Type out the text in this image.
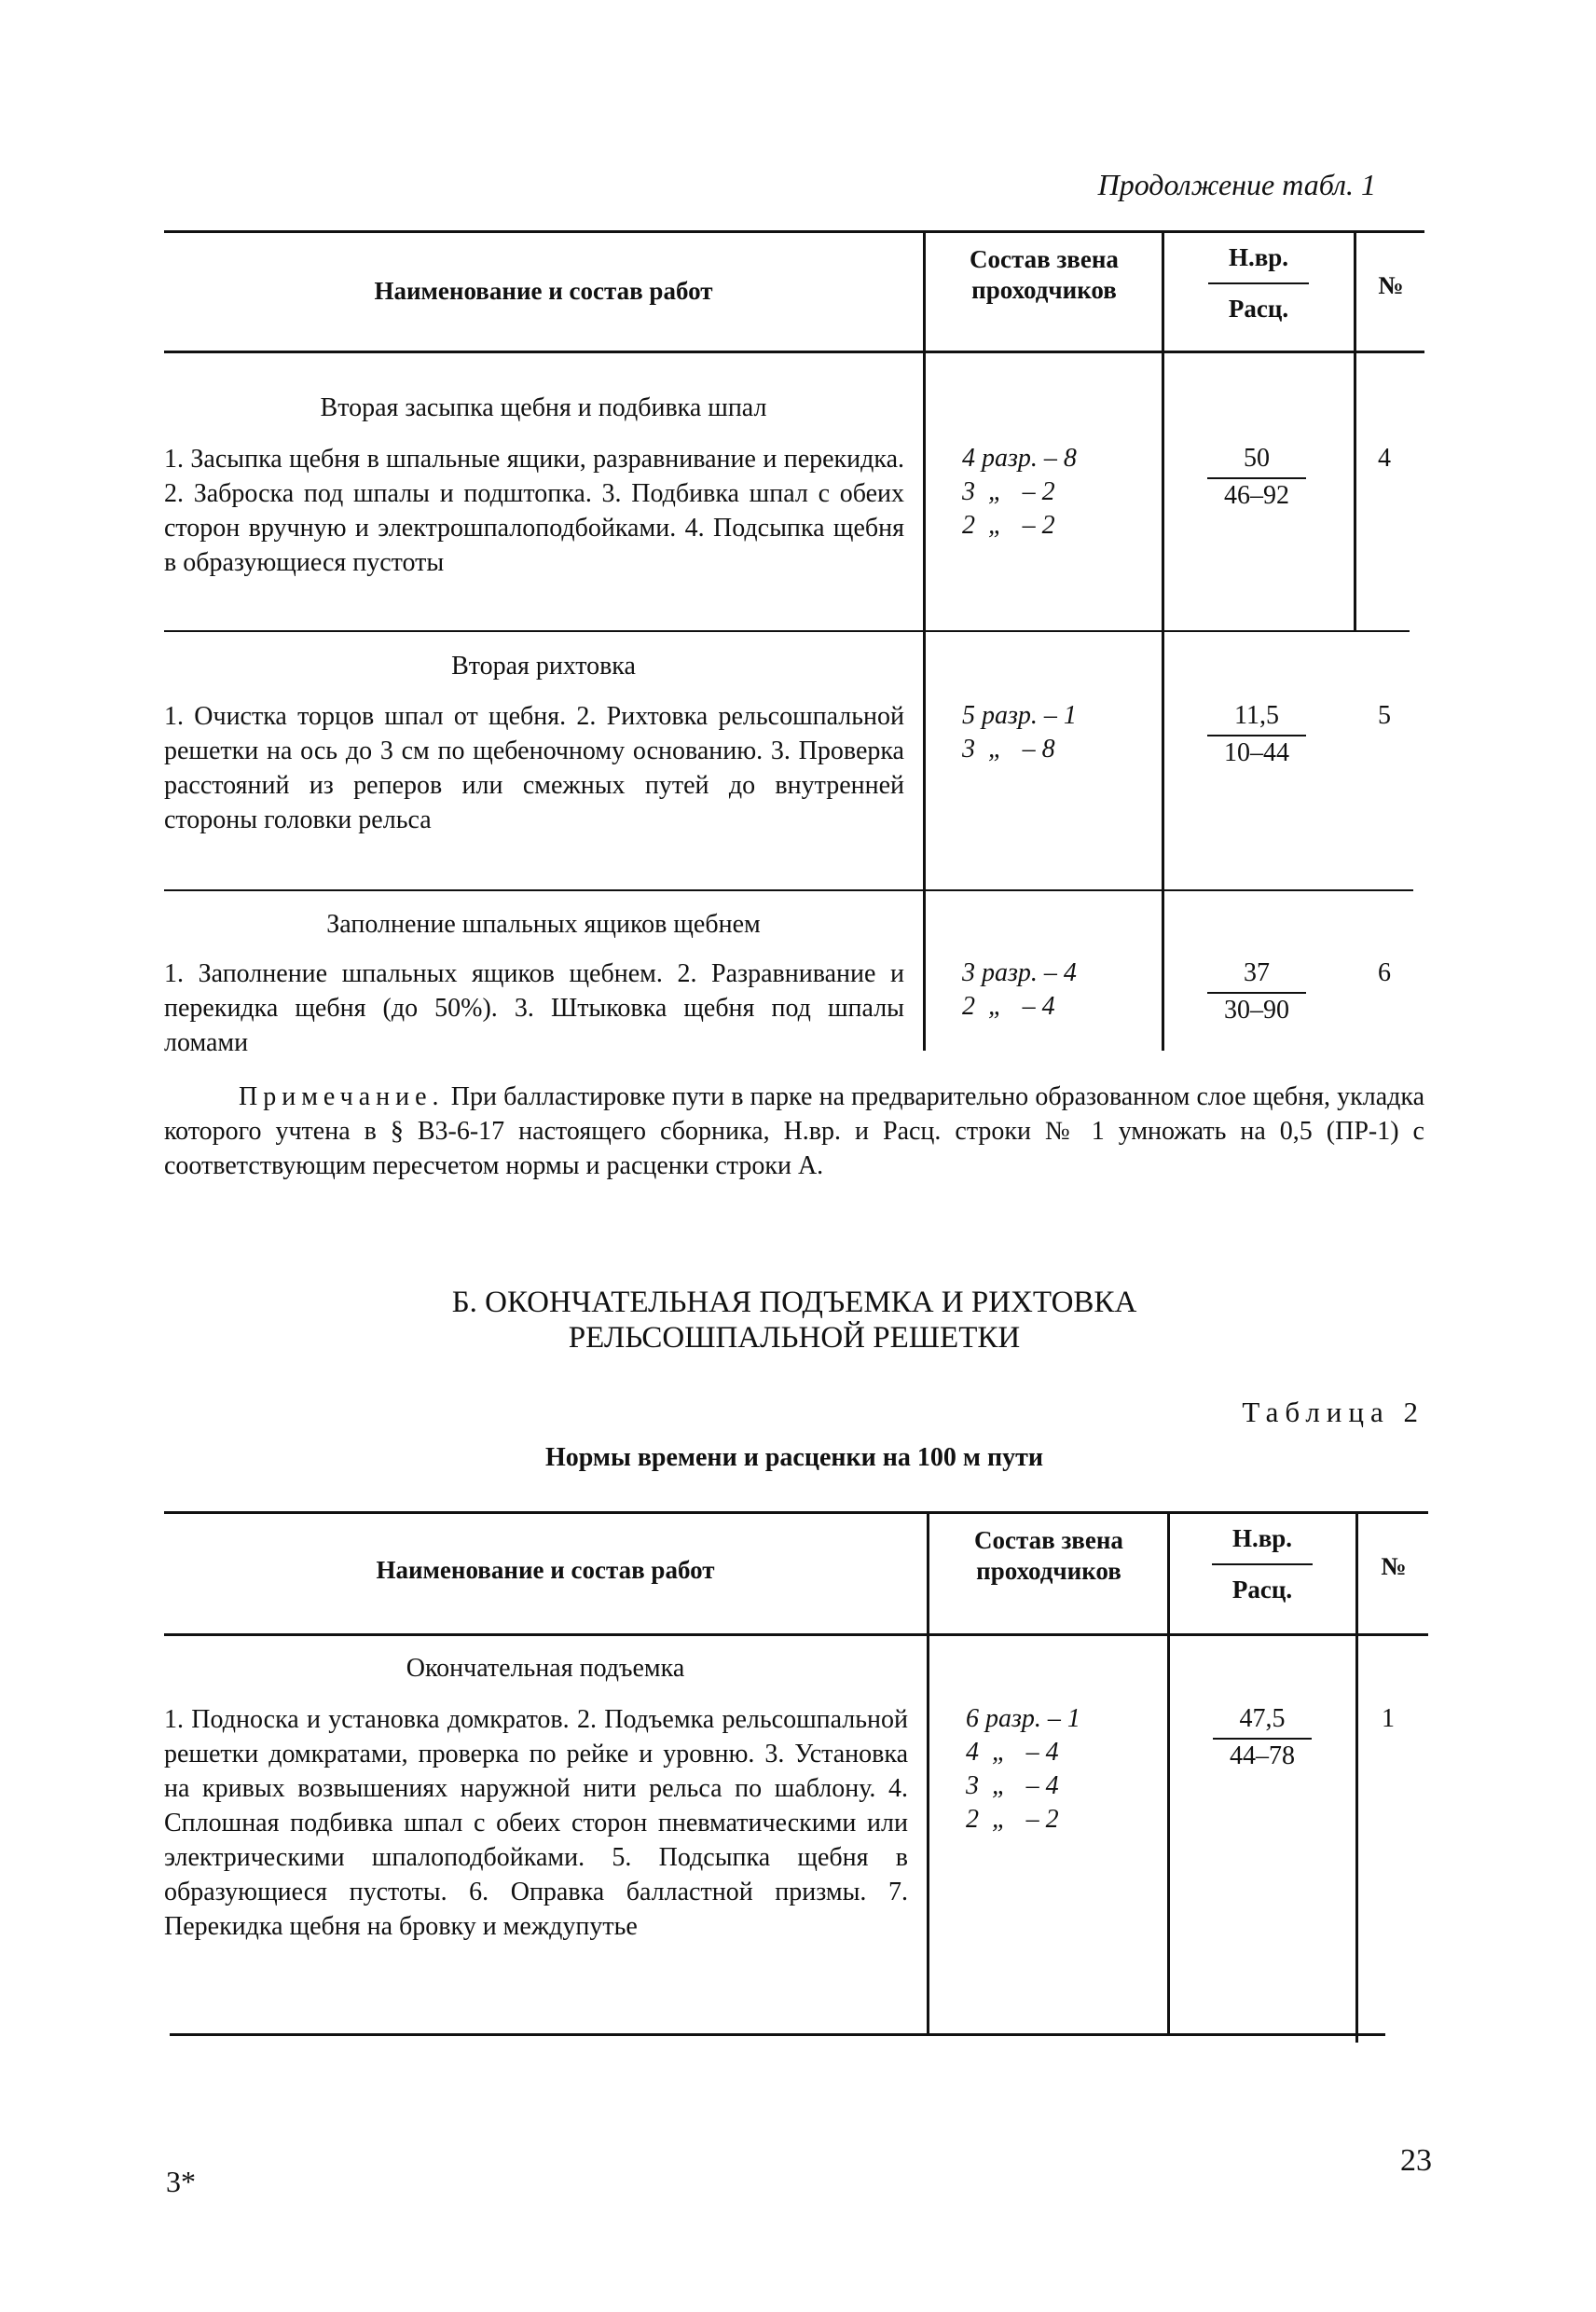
Продолжение табл. 1
Наименование и состав работ
Состав звена проходчиков
Н.вр.
Расц.
№
Вторая засыпка щебня и подбивка шпал
1. Засыпка щебня в шпальные ящики, разравнивание и перекидка. 2. Заброска под шпалы и подштопка. 3. Подбивка шпал с обеих сторон вручную и электрошпалоподбойками. 4. Подсыпка щебня в образующиеся пустоты
4 разр. – 8
3  „   – 2
2  „   – 2
$\frac{50}{46-92} 4$
Вторая рихтовка
1. Очистка торцов шпал от щебня. 2. Рихтовка рельсошпальной решетки на ось до 3 см по щебеночному основанию. 3. Проверка расстояний из реперов или смежных путей до внутренней стороны головки рельса
5 разр. – 1
3  „   – 8	$\frac{11,5}{10-44} 5$
Заполнение шпальных ящиков щебнем
1. Заполнение шпальных ящиков щебнем. 2. Разравнивание и перекидка щебня (до 50%). 3. Штыковка щебня под шпалы ломами
3 разр. – 4
2  „   – 4	$\frac{37}{30-90} 6$
Примечание. При балластировке пути в парке на предварительно образованном слое щебня, укладка которого учтена в § В3-6-17 настоящего сборника, Н.вр. и Расц. строки № 1 умножать на 0,5 (ПР-1) с соответствующим пересчетом нормы и расценки строки А.
Б. ОКОНЧАТЕЛЬНАЯ ПОДЪЕМКА И РИХТОВКА
РЕЛЬСОШПАЛЬНОЙ РЕШЕТКИ
Таблица 2
Нормы времени и расценки на 100 м пути
Наименование и состав работ
Состав звена проходчиков
Н.вр.
Расц.
№
Окончательная подъемка
1. Подноска и установка домкратов. 2. Подъемка рельсошпальной решетки домкратами, проверка по рейке и уровню. 3. Установка на кривых возвышениях наружной нити рельса по шаблону. 4. Сплошная подбивка шпал с обеих сторон пневматическими или электрическими шпалоподбойками. 5. Подсыпка щебня в образующиеся пустоты. 6. Оправка балластной призмы. 7. Перекидка щебня на бровку и междупутье
6 разр. – 1
4  „   – 4
3  „   – 4
2  „   – 2
$\frac{47,5}{44-78} 1$
3*
23
